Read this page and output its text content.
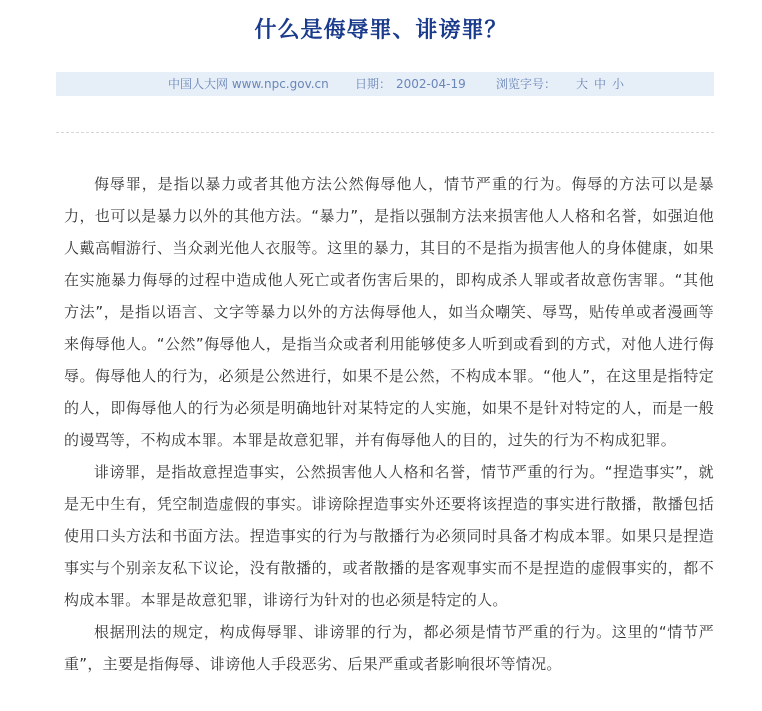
什么是侮辱罪、诽谤罪？
中国人大网 www.npc.gov.cn 日期： 2002-04-19	浏览字号： 大 中 小

侮辱罪，是指以暴力或者其他方法公然侮辱他人，情节严重的行为。侮辱的方法可以是暴力，也可以是暴力以外的其他方法。“暴力”，是指以强制方法来损害他人人格和名誉，如强迫他人戴高帽游行、当众剥光他人衣服等。这里的暴力，其目的不是指为损害他人的身体健康，如果在实施暴力侮辱的过程中造成他人死亡或者伤害后果的，即构成杀人罪或者故意伤害罪。“其他方法”，是指以语言、文字等暴力以外的方法侮辱他人，如当众嘲笑、辱骂，贴传单或者漫画等来侮辱他人。“公然”侮辱他人，是指当众或者利用能够使多人听到或看到的方式，对他人进行侮辱。侮辱他人的行为，必须是公然进行，如果不是公然，不构成本罪。“他人”，在这里是指特定的人，即侮辱他人的行为必须是明确地针对某特定的人实施，如果不是针对特定的人，而是一般的谩骂等，不构成本罪。本罪是故意犯罪，并有侮辱他人的目的，过失的行为不构成犯罪。

诽谤罪，是指故意捏造事实，公然损害他人人格和名誉，情节严重的行为。“捏造事实”，就是无中生有，凭空制造虚假的事实。诽谤除捏造事实外还要将该捏造的事实进行散播，散播包括使用口头方法和书面方法。捏造事实的行为与散播行为必须同时具备才构成本罪。如果只是捏造事实与个别亲友私下议论，没有散播的，或者散播的是客观事实而不是捏造的虚假事实的，都不构成本罪。本罪是故意犯罪，诽谤行为针对的也必须是特定的人。

根据刑法的规定，构成侮辱罪、诽谤罪的行为，都必须是情节严重的行为。这里的“情节严重”，主要是指侮辱、诽谤他人手段恶劣、后果严重或者影响很坏等情况。
